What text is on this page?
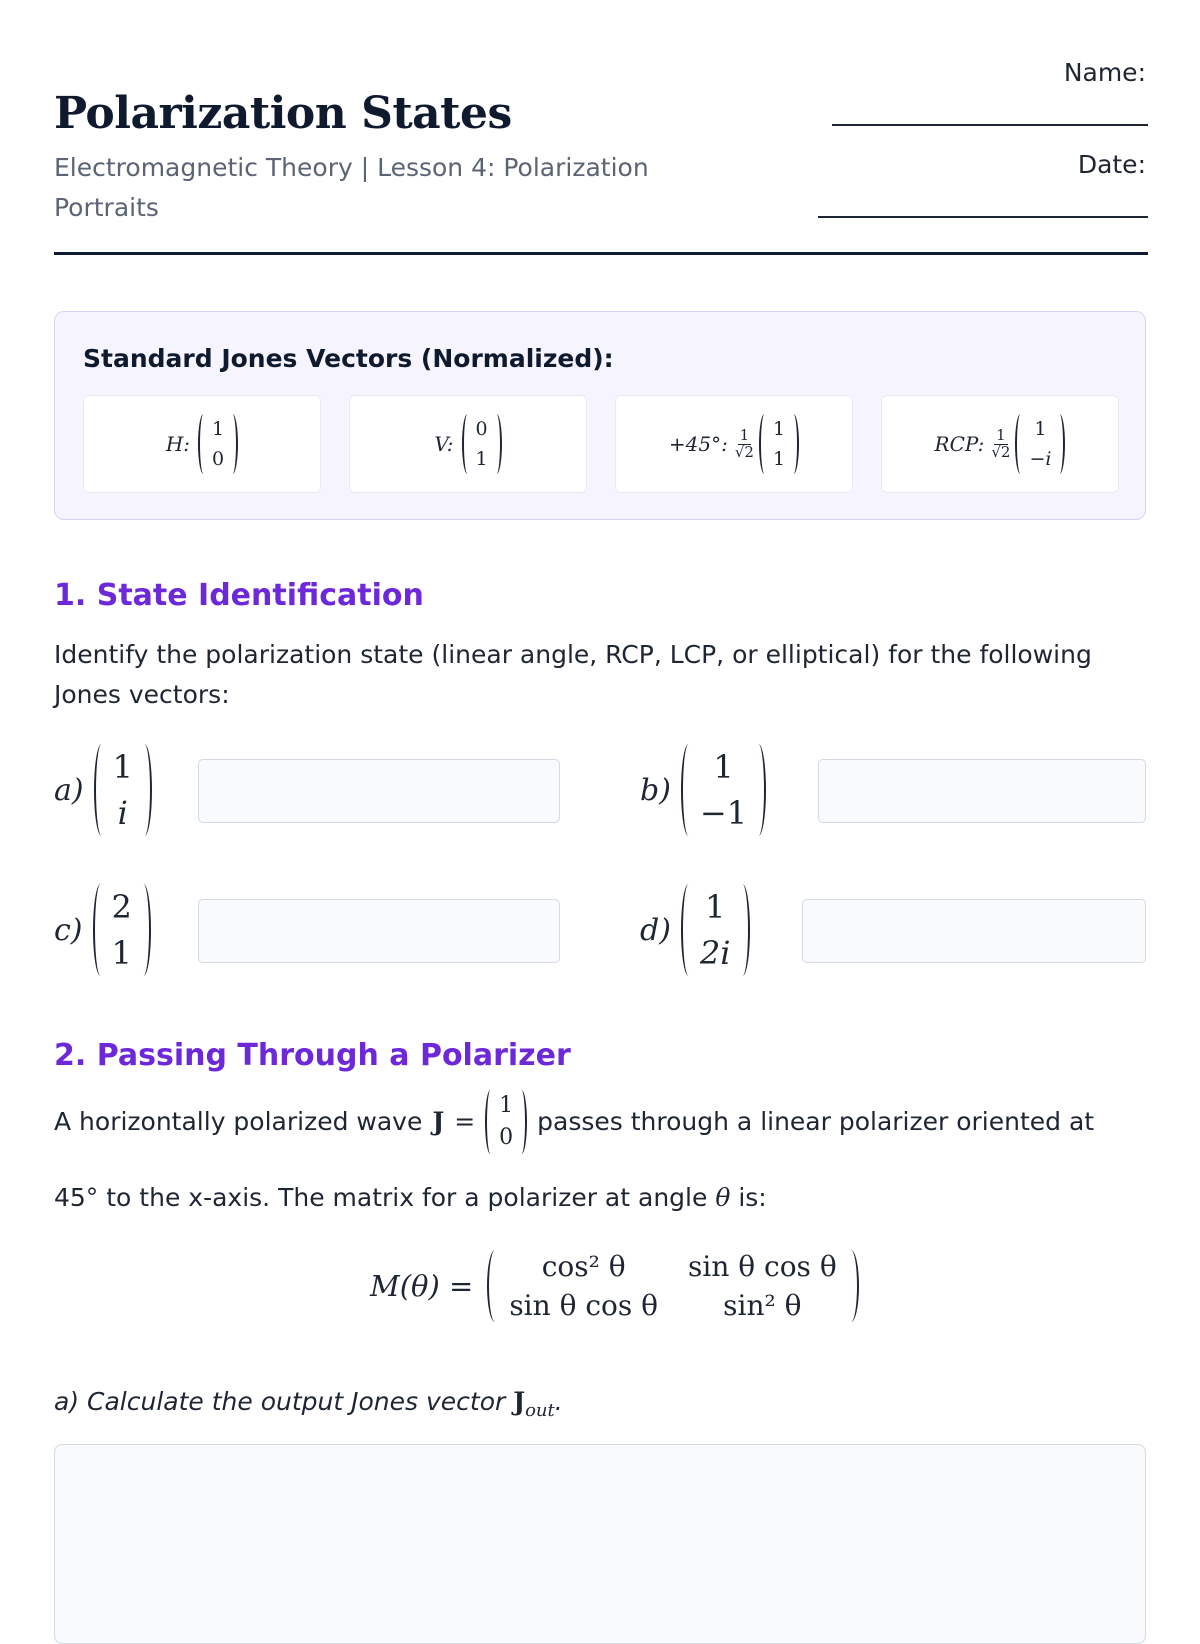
Polarization States
Electromagnetic Theory | Lesson 4: Polarization Portraits
Name:
Date:
Standard Jones Vectors (Normalized):
H:
1
0
V:
0
1
+45°: $\frac{1}{√2} 1$
1
RCP: $\frac{1}{√2} 1$
−i
1. State Identification
Identify the polarization state (linear angle, RCP, LCP, or elliptical) for the following Jones vectors:
a)
1
i
b)
1
−1
c)
2
1
d)
1
2i
2. Passing Through a Polarizer
A horizontally polarized wave J =
1
0
passes through a linear polarizer oriented at
45° to the x-axis. The matrix for a polarizer at angle θ is:
M(θ) =
cos² θ	sin θ cos θ
sin θ cos θ	sin² θ
a) Calculate the output Jones vector $J_{out}$.
